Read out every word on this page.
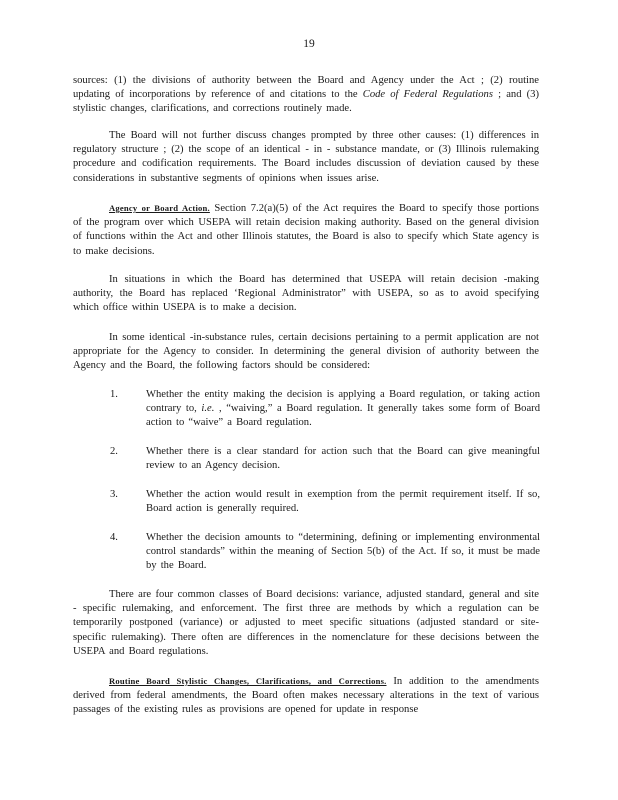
19
sources: (1) the divisions of authority between the Board and Agency under the Act ; (2) routine updating of incorporations by reference of and citations to the Code of Federal Regulations ; and (3) stylistic changes, clarifications, and corrections routinely made.
The Board will not further discuss changes prompted by three other causes: (1) differences in regulatory structure ; (2) the scope of an identical - in - substance mandate, or (3) Illinois rulemaking procedure and codification requirements. The Board includes discussion of deviation caused by these considerations in substantive segments of opinions when issues arise.
Agency or Board Action. Section 7.2(a)(5) of the Act requires the Board to specify those portions of the program over which USEPA will retain decision making authority. Based on the general division of functions within the Act and other Illinois statutes, the Board is also to specify which State agency is to make decisions.
In situations in which the Board has determined that USEPA will retain decision -making authority, the Board has replaced ‘Regional Administrator” with USEPA, so as to avoid specifying which office within USEPA is to make a decision.
In some identical -in-substance rules, certain decisions pertaining to a permit application are not appropriate for the Agency to consider. In determining the general division of authority between the Agency and the Board, the following factors should be considered:
1.	Whether the entity making the decision is applying a Board regulation, or taking action contrary to, i.e. , “waiving,” a Board regulation. It generally takes some form of Board action to “waive” a Board regulation.
2.	Whether there is a clear standard for action such that the Board can give meaningful review to an Agency decision.
3.	Whether the action would result in exemption from the permit requirement itself. If so, Board action is generally required.
4.	Whether the decision amounts to “determining, defining or implementing environmental control standards” within the meaning of Section 5(b) of the Act. If so, it must be made by the Board.
There are four common classes of Board decisions: variance, adjusted standard, general and site - specific rulemaking, and enforcement. The first three are methods by which a regulation can be temporarily postponed (variance) or adjusted to meet specific situations (adjusted standard or site-specific rulemaking). There often are differences in the nomenclature for these decisions between the USEPA and Board regulations.
Routine Board Stylistic Changes, Clarifications, and Corrections. In addition to the amendments derived from federal amendments, the Board often makes necessary alterations in the text of various passages of the existing rules as provisions are opened for update in response
